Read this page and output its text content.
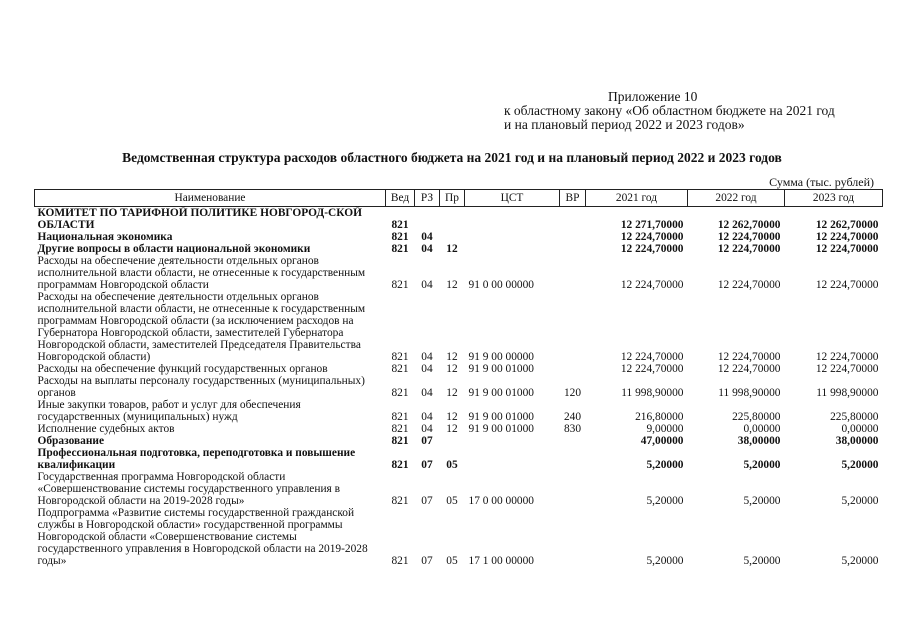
Приложение 10
к областному закону «Об областном бюджете на 2021 год
и на плановый период 2022 и 2023 годов»
Ведомственная структура расходов областного бюджета на 2021 год и на плановый период 2022 и 2023 годов
Сумма (тыс. рублей)
Наименование	Вед	РЗ	Пр	ЦСТ	ВР	2021 год	2022 год	2023 год

КОМИТЕТ ПО ТАРИФНОЙ ПОЛИТИКЕ НОВГОРОД-СКОЙ ОБЛАСТИ	821					12 271,70000	12 262,70000	12 262,70000

Национальная экономика	821	04				12 224,70000	12 224,70000	12 224,70000

Другие вопросы в области национальной экономики	821	04	12			12 224,70000	12 224,70000	12 224,70000

Расходы на обеспечение деятельности отдельных органов исполнительной власти области, не отнесенные к государственным программам Новгородской области	821	04	12	91 0 00 00000		12 224,70000	12 224,70000	12 224,70000

Расходы на обеспечение деятельности отдельных органов исполнительной власти области, не отнесенные к государственным программам Новгородской области (за исключением расходов на Губернатора Новгородской области, заместителей Губернатора Новгородской области, заместителей Председателя Правительства Новгородской области)	821	04	12	91 9 00 00000		12 224,70000	12 224,70000	12 224,70000

Расходы на обеспечение функций государственных органов	821	04	12	91 9 00 01000		12 224,70000	12 224,70000	12 224,70000

Расходы на выплаты персоналу государственных (муниципальных) органов	821	04	12	91 9 00 01000	120	11 998,90000	11 998,90000	11 998,90000

Иные закупки товаров, работ и услуг для обеспечения государственных (муниципальных) нужд	821	04	12	91 9 00 01000	240	216,80000	225,80000	225,80000

Исполнение судебных актов	821	04	12	91 9 00 01000	830	9,00000	0,00000	0,00000

Образование	821	07				47,00000	38,00000	38,00000

Профессиональная подготовка, переподготовка и повышение квалификации	821	07	05			5,20000	5,20000	5,20000

Государственная программа Новгородской области «Совершенствование системы государственного управления в Новгородской области на 2019-2028 годы»	821	07	05	17 0 00 00000		5,20000	5,20000	5,20000

Подпрограмма «Развитие системы государственной гражданской службы в Новгородской области» государственной программы Новгородской области «Совершенствование системы государственного управления в Новгородской области на 2019-2028 годы»	821	07	05	17 1 00 00000		5,20000	5,20000	5,20000
